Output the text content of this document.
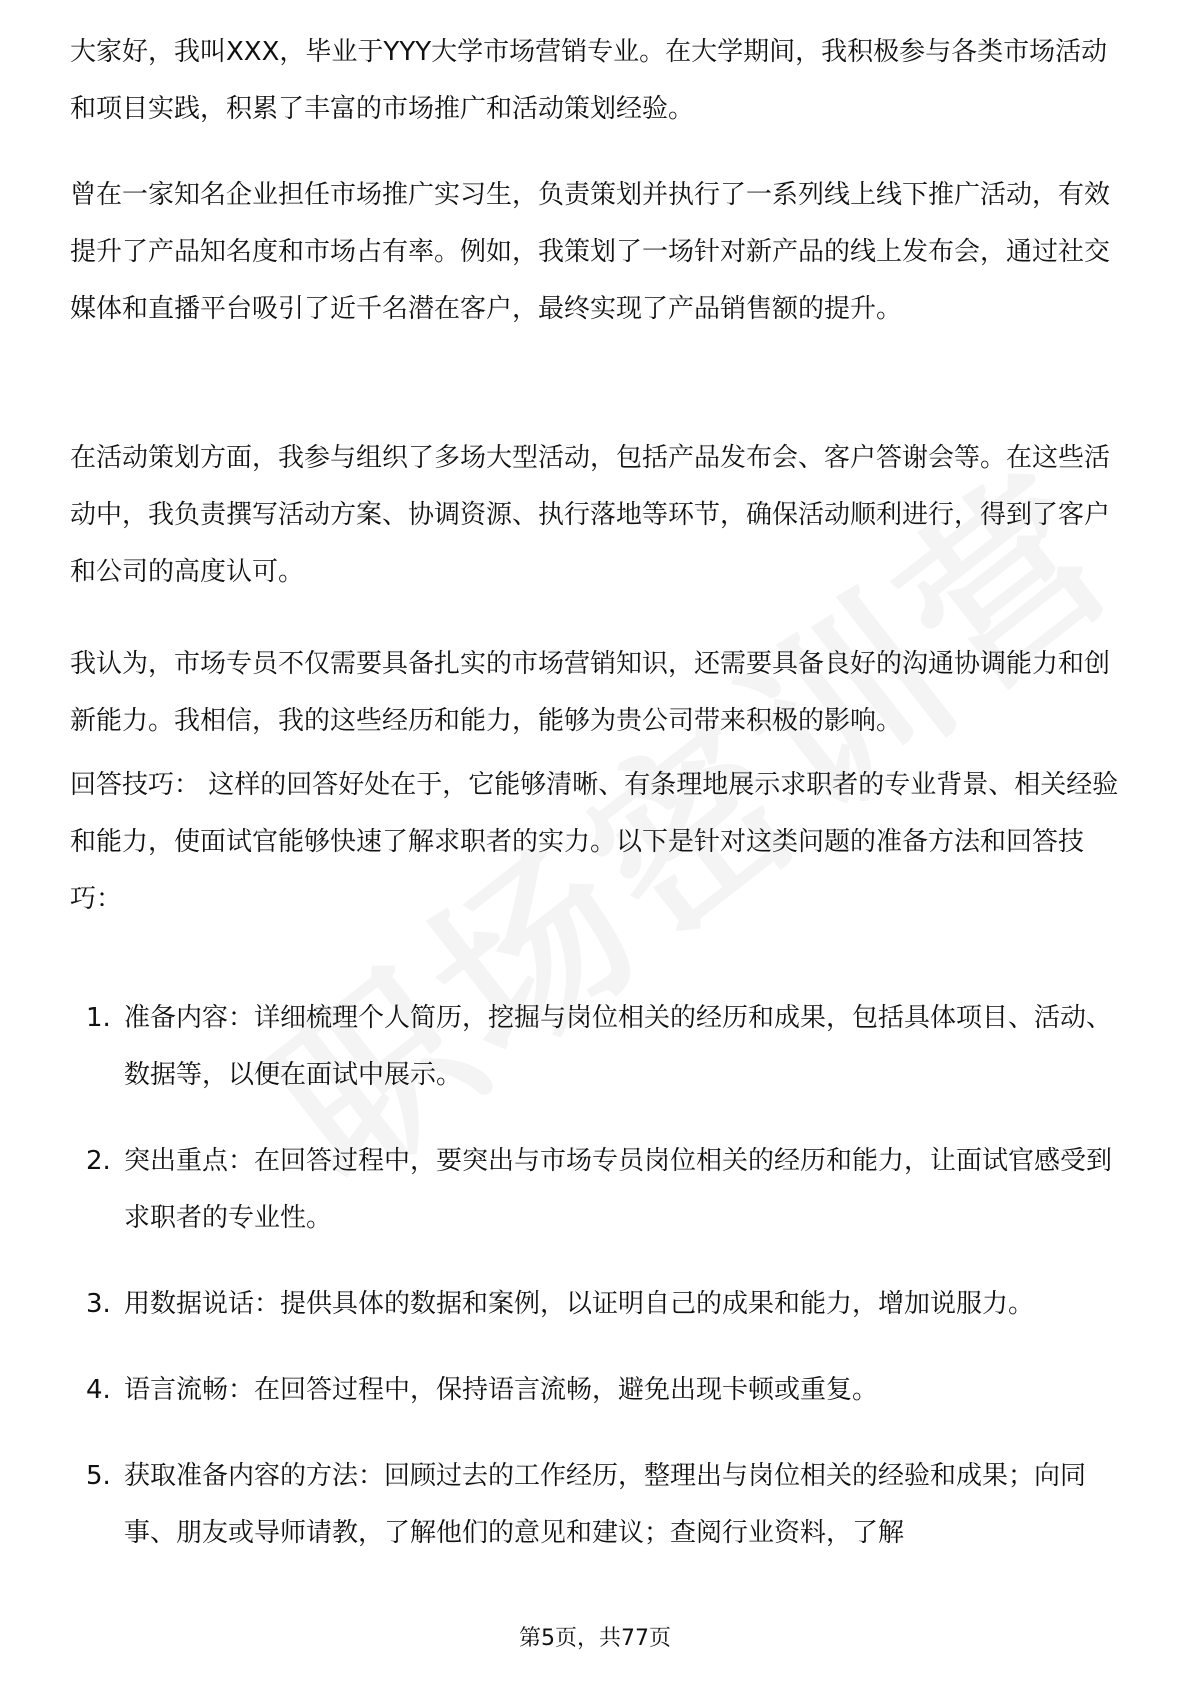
大家好，我叫XXX，毕业于YYY大学市场营销专业。在大学期间，我积极参与各类市场活动和项目实践，积累了丰富的市场推广和活动策划经验。

曾在一家知名企业担任市场推广实习生，负责策划并执行了一系列线上线下推广活动，有效提升了产品知名度和市场占有率。例如，我策划了一场针对新产品的线上发布会，通过社交媒体和直播平台吸引了近千名潜在客户，最终实现了产品销售额的提升。

在活动策划方面，我参与组织了多场大型活动，包括产品发布会、客户答谢会等。在这些活动中，我负责撰写活动方案、协调资源、执行落地等环节，确保活动顺利进行，得到了客户和公司的高度认可。

我认为，市场专员不仅需要具备扎实的市场营销知识，还需要具备良好的沟通协调能力和创新能力。我相信，我的这些经历和能力，能够为贵公司带来积极的影响。

回答技巧： 这样的回答好处在于，它能够清晰、有条理地展示求职者的专业背景、相关经验和能力，使面试官能够快速了解求职者的实力。以下是针对这类问题的准备方法和回答技巧：

1. 准备内容：详细梳理个人简历，挖掘与岗位相关的经历和成果，包括具体项目、活动、数据等，以便在面试中展示。
2. 突出重点：在回答过程中，要突出与市场专员岗位相关的经历和能力，让面试官感受到求职者的专业性。
3. 用数据说话：提供具体的数据和案例，以证明自己的成果和能力，增加说服力。
4. 语言流畅：在回答过程中，保持语言流畅，避免出现卡顿或重复。
5. 获取准备内容的方法：回顾过去的工作经历，整理出与岗位相关的经验和成果；向同事、朋友或导师请教，了解他们的意见和建议；查阅行业资料，了解
第5页，共77页
